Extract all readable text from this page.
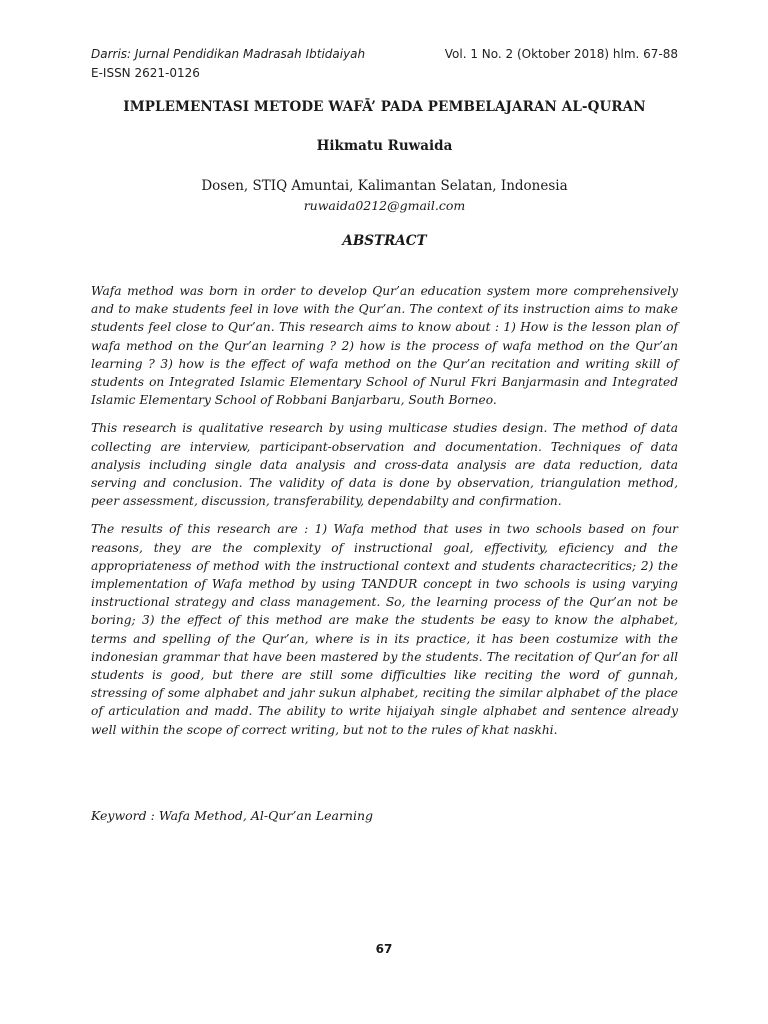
Darris: Jurnal Pendidikan Madrasah Ibtidaiyah	Vol. 1 No. 2 (Oktober 2018) hlm. 67-88
E-ISSN 2621-0126
IMPLEMENTASI METODE WAFĀ’ PADA PEMBELAJARAN AL-QURAN
Hikmatu Ruwaida
Dosen, STIQ Amuntai, Kalimantan Selatan, Indonesia
ruwaida0212@gmail.com
ABSTRACT

Wafa method was born in order to develop Qur’an education system more comprehensively and to make students feel in love with the Qur’an. The context of its instruction aims to make students feel close to Qur’an. This research aims to know about : 1) How is the lesson plan of wafa method on the Qur’an learning ? 2) how is the process of wafa method on the Qur’an learning ? 3) how is the effect of wafa method on the Qur’an recitation and writing skill of students on Integrated Islamic Elementary School of Nurul Fkri Banjarmasin and Integrated Islamic Elementary School of Robbani Banjarbaru, South Borneo.

This research is qualitative research by using multicase studies design. The method of data collecting are interview, participant-observation and documentation. Techniques of data analysis including single data analysis and cross-data analysis are data reduction, data serving and conclusion. The validity of data is done by observation, triangulation method, peer assessment, discussion, transferability, dependabilty and confirmation.

The results of this research are : 1) Wafa method that uses in two schools based on four reasons, they are the complexity of instructional goal, effectivity, eficiency and the appropriateness of method with the instructional context and students charactecritics; 2) the implementation of Wafa method by using TANDUR concept in two schools is using varying instructional strategy and class management. So, the learning process of the Qur’an not be boring; 3) the effect of this method are make the students be easy to know the alphabet, terms and spelling of the Qur’an, where is in its practice, it has been costumize with the indonesian grammar that have been mastered by the students. The recitation of Qur’an for all students is good, but there are still some difficulties like reciting the word of gunnah, stressing of some alphabet and jahr sukun alphabet, reciting the similar alphabet of the place of articulation and madd. The ability to write hijaiyah single alphabet and sentence already well within the scope of correct writing, but not to the rules of khat naskhi.

Keyword : Wafa Method, Al-Qur’an Learning
67
